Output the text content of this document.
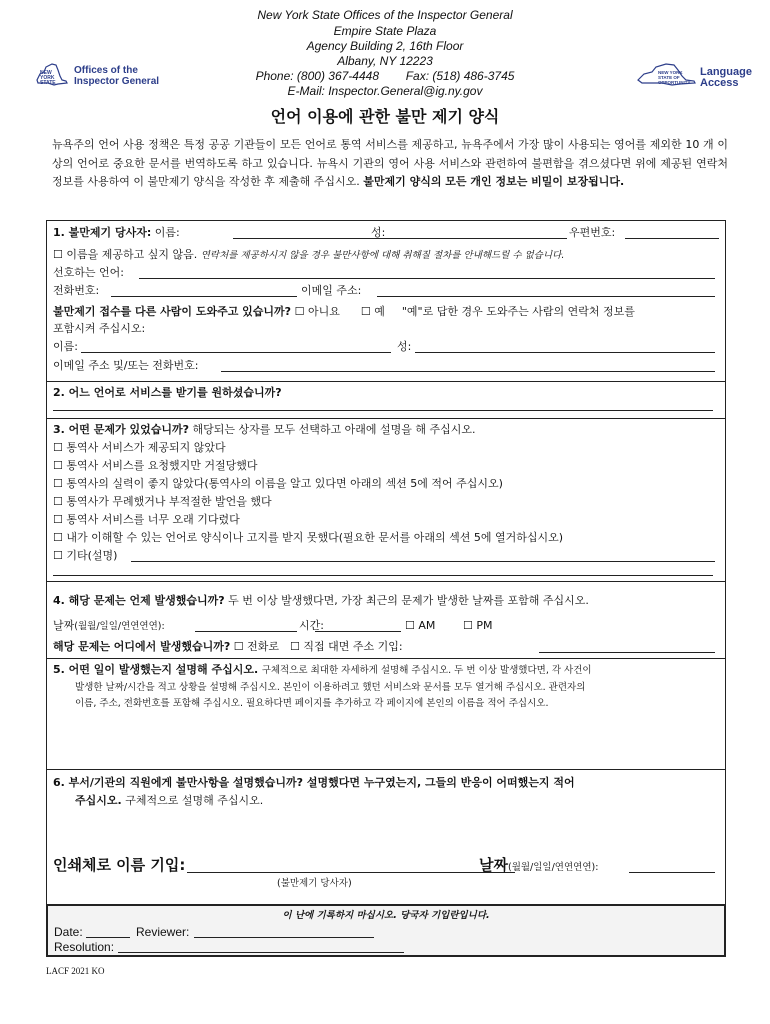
New York State Offices of the Inspector General
Empire State Plaza
Agency Building 2, 16th Floor
Albany, NY 12223
Phone: (800) 367-4448 Fax: (518) 486-3745
E-Mail: Inspector.General@ig.ny.gov
NEW YORK STATE
Offices of the
Inspector General
NEW YORK STATE OF OPPORTUNITY
Language
Access
언어 이용에 관한 불만 제기 양식
뉴욕주의 언어 사용 정책은 특정 공공 기관들이 모든 언어로 통역 서비스를 제공하고, 뉴욕주에서 가장 많이 사용되는 영어를 제외한 10 개 이상의 언어로 중요한 문서를 번역하도록 하고 있습니다. 뉴욕시 기관의 영어 사용 서비스와 관련하여 불편함을 겪으셨다면 위에 제공된 연락처 정보를 사용하여 이 불만제기 양식을 작성한 후 제출해 주십시오. 불만제기 양식의 모든 개인 정보는 비밀이 보장됩니다.
1. 불만제기 당사자: 이름:	성:	우편번호:
☐ 이름을 제공하고 싶지 않음. 연락처를 제공하시지 않을 경우 불만사항에 대해 취해질 절차를 안내해드릴 수 없습니다.
선호하는 언어:
전화번호:	이메일 주소:
불만제기 접수를 다른 사람이 도와주고 있습니까? ☐ 아니요 ☐ 예 "예"로 답한 경우 도와주는 사람의 연락처 정보를
포함시켜 주십시오:
이름:	성:
이메일 주소 및/또는 전화번호:
2. 어느 언어로 서비스를 받기를 원하셨습니까?
3. 어떤 문제가 있었습니까? 해당되는 상자를 모두 선택하고 아래에 설명을 해 주십시오.
☐ 통역사 서비스가 제공되지 않았다
☐ 통역사 서비스를 요청했지만 거절당했다
☐ 통역사의 실력이 좋지 않았다(통역사의 이름을 알고 있다면 아래의 섹션 5에 적어 주십시오)
☐ 통역사가 무례했거나 부적절한 발언을 했다
☐ 통역사 서비스를 너무 오래 기다렸다
☐ 내가 이해할 수 있는 언어로 양식이나 고지를 받지 못했다(필요한 문서를 아래의 섹션 5에 열거하십시오)
☐ 기타(설명)
4. 해당 문제는 언제 발생했습니까? 두 번 이상 발생했다면, 가장 최근의 문제가 발생한 날짜를 포함해 주십시오.
날짜(월월/일일/연연연연):	시간:	☐ AM	☐ PM
해당 문제는 어디에서 발생했습니까? ☐ 전화로 ☐ 직접 대면 주소 기입:
5. 어떤 일이 발생했는지 설명해 주십시오. 구체적으로 최대한 자세하게 설명해 주십시오. 두 번 이상 발생했다면, 각 사건이
발생한 날짜/시간을 적고 상황을 설명해 주십시오. 본인이 이용하려고 했던 서비스와 문서를 모두 열거해 주십시오. 관련자의
이름, 주소, 전화번호를 포함해 주십시오. 필요하다면 페이지를 추가하고 각 페이지에 본인의 이름을 적어 주십시오.
6. 부서/기관의 직원에게 불만사항을 설명했습니까? 설명했다면 누구였는지, 그들의 반응이 어떠했는지 적어
주십시오. 구체적으로 설명해 주십시오.
인쇄체로 이름 기입:
(불만제기 당사자)
날짜(월월/일일/연연연연):
이 난에 기록하지 마십시오. 당국자 기입란입니다.
Date:	Reviewer:
Resolution:
LACF 2021 KO
